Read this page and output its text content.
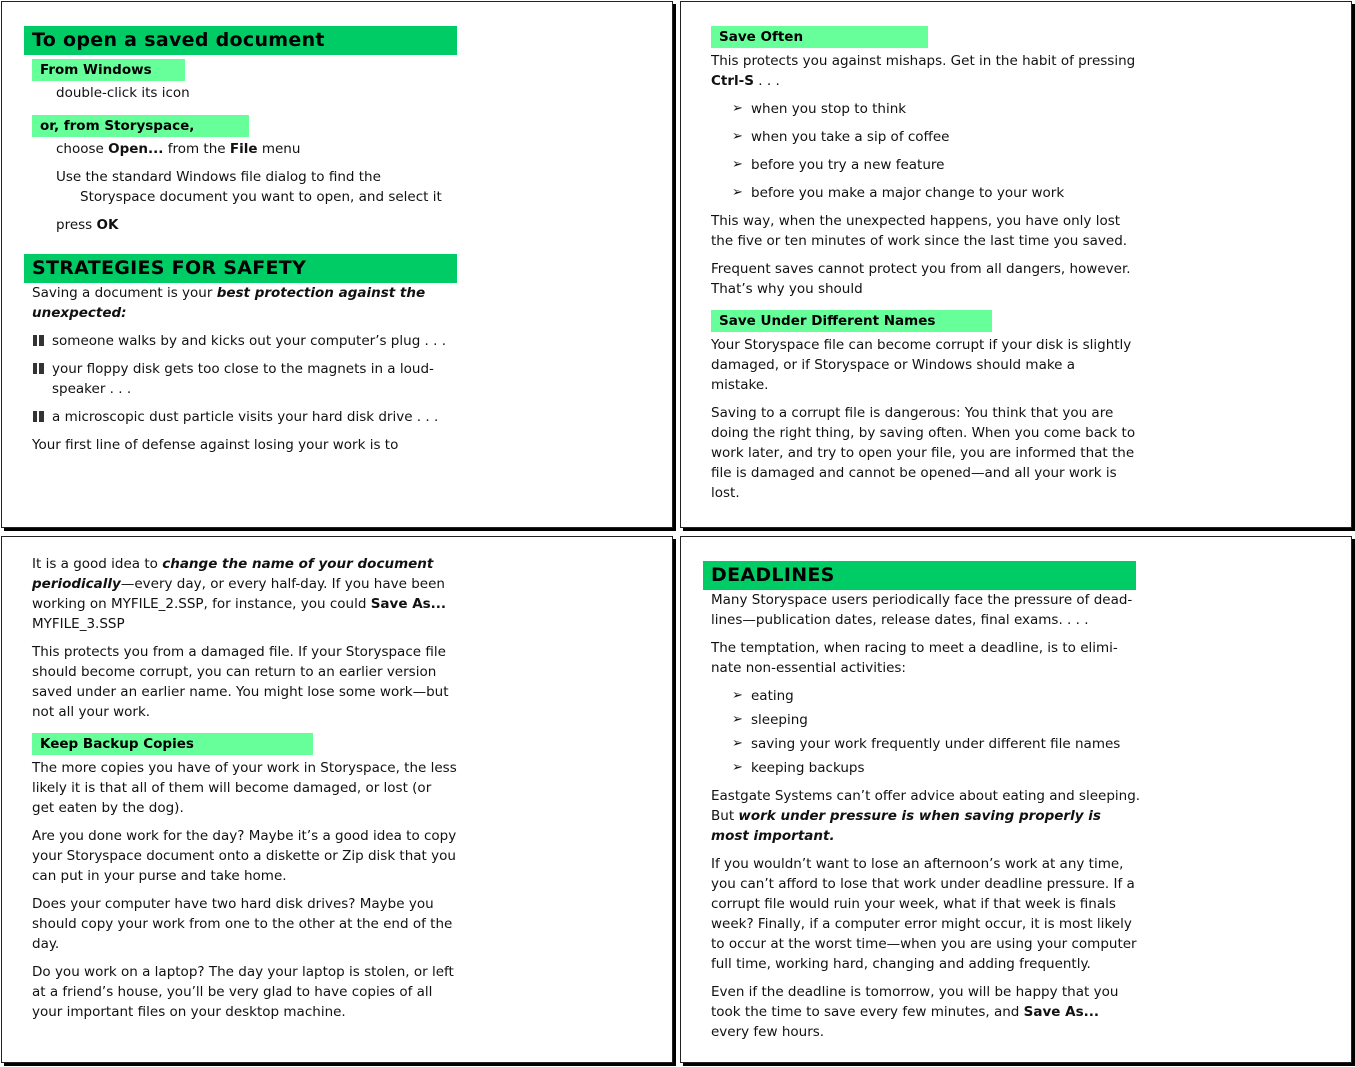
To open a saved document
From Windows
double-click its icon
or, from Storyspace,
choose Open... from the File menu
Use the standard Windows file dialog to find the
Storyspace document you want to open, and select it
press OK
STRATEGIES FOR SAFETY
Saving a document is your best protection against the
unexpected:
someone walks by and kicks out your computer’s plug . . .
your floppy disk gets too close to the magnets in a loud-
speaker . . .
a microscopic dust particle visits your hard disk drive . . .
Your first line of defense against losing your work is to
Save Often
This protects you against mishaps. Get in the habit of pressing
Ctrl-S . . .
➢ when you stop to think
➢ when you take a sip of coffee
➢ before you try a new feature
➢ before you make a major change to your work
This way, when the unexpected happens, you have only lost
the five or ten minutes of work since the last time you saved.
Frequent saves cannot protect you from all dangers, however.
That’s why you should
Save Under Different Names
Your Storyspace file can become corrupt if your disk is slightly
damaged, or if Storyspace or Windows should make a
mistake.
Saving to a corrupt file is dangerous: You think that you are
doing the right thing, by saving often. When you come back to
work later, and try to open your file, you are informed that the
file is damaged and cannot be opened—and all your work is
lost.
It is a good idea to change the name of your document
periodically—every day, or every half-day. If you have been
working on MYFILE_2.SSP, for instance, you could Save As...
MYFILE_3.SSP
This protects you from a damaged file. If your Storyspace file
should become corrupt, you can return to an earlier version
saved under an earlier name. You might lose some work—but
not all your work.
Keep Backup Copies
The more copies you have of your work in Storyspace, the less
likely it is that all of them will become damaged, or lost (or
get eaten by the dog).
Are you done work for the day? Maybe it’s a good idea to copy
your Storyspace document onto a diskette or Zip disk that you
can put in your purse and take home.
Does your computer have two hard disk drives? Maybe you
should copy your work from one to the other at the end of the
day.
Do you work on a laptop? The day your laptop is stolen, or left
at a friend’s house, you’ll be very glad to have copies of all
your important files on your desktop machine.
DEADLINES
Many Storyspace users periodically face the pressure of dead-
lines—publication dates, release dates, final exams. . . .
The temptation, when racing to meet a deadline, is to elimi-
nate non-essential activities:
➢ eating
➢ sleeping
➢ saving your work frequently under different file names
➢ keeping backups
Eastgate Systems can’t offer advice about eating and sleeping.
But work under pressure is when saving properly is
most important.
If you wouldn’t want to lose an afternoon’s work at any time,
you can’t afford to lose that work under deadline pressure. If a
corrupt file would ruin your week, what if that week is finals
week? Finally, if a computer error might occur, it is most likely
to occur at the worst time—when you are using your computer
full time, working hard, changing and adding frequently.
Even if the deadline is tomorrow, you will be happy that you
took the time to save every few minutes, and Save As...
every few hours.
